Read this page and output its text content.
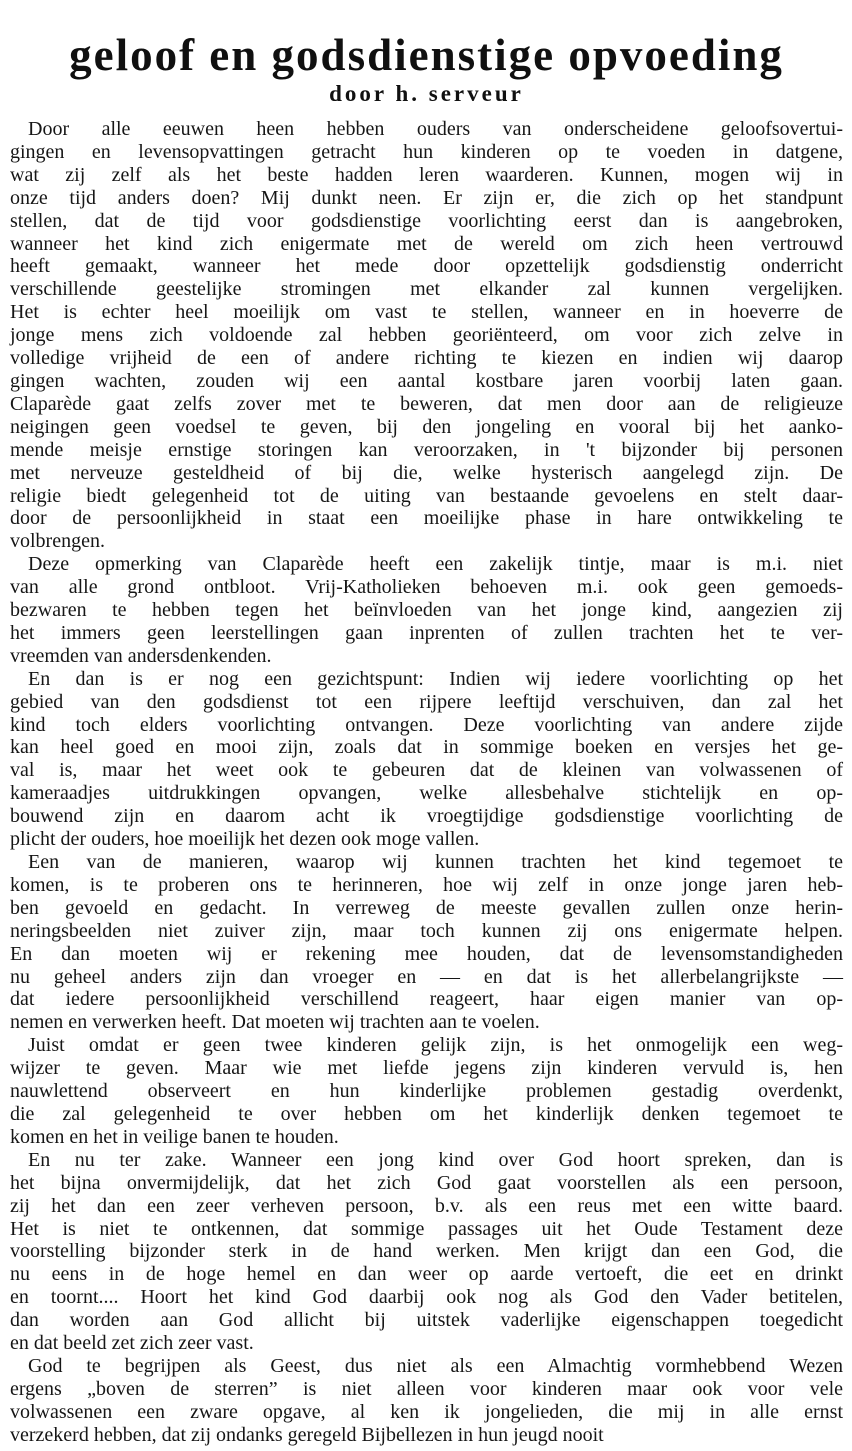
geloof en godsdienstige opvoeding
door h. serveur
Door alle eeuwen heen hebben ouders van onderscheidene geloofsovertui-
gingen en levensopvattingen getracht hun kinderen op te voeden in datgene,
wat zij zelf als het beste hadden leren waarderen. Kunnen, mogen wij in
onze tijd anders doen? Mij dunkt neen. Er zijn er, die zich op het standpunt
stellen, dat de tijd voor godsdienstige voorlichting eerst dan is aangebroken,
wanneer het kind zich enigermate met de wereld om zich heen vertrouwd
heeft gemaakt, wanneer het mede door opzettelijk godsdienstig onderricht
verschillende geestelijke stromingen met elkander zal kunnen vergelijken.
Het is echter heel moeilijk om vast te stellen, wanneer en in hoeverre de
jonge mens zich voldoende zal hebben georiënteerd, om voor zich zelve in
volledige vrijheid de een of andere richting te kiezen en indien wij daarop
gingen wachten, zouden wij een aantal kostbare jaren voorbij laten gaan.
Claparède gaat zelfs zover met te beweren, dat men door aan de religieuze
neigingen geen voedsel te geven, bij den jongeling en vooral bij het aanko-
mende meisje ernstige storingen kan veroorzaken, in 't bijzonder bij personen
met nerveuze gesteldheid of bij die, welke hysterisch aangelegd zijn. De
religie biedt gelegenheid tot de uiting van bestaande gevoelens en stelt daar-
door de persoonlijkheid in staat een moeilijke phase in hare ontwikkeling te
volbrengen.
Deze opmerking van Claparède heeft een zakelijk tintje, maar is m.i. niet
van alle grond ontbloot. Vrij-Katholieken behoeven m.i. ook geen gemoeds-
bezwaren te hebben tegen het beïnvloeden van het jonge kind, aangezien zij
het immers geen leerstellingen gaan inprenten of zullen trachten het te ver-
vreemden van andersdenkenden.
En dan is er nog een gezichtspunt: Indien wij iedere voorlichting op het
gebied van den godsdienst tot een rijpere leeftijd verschuiven, dan zal het
kind toch elders voorlichting ontvangen. Deze voorlichting van andere zijde
kan heel goed en mooi zijn, zoals dat in sommige boeken en versjes het ge-
val is, maar het weet ook te gebeuren dat de kleinen van volwassenen of
kameraadjes uitdrukkingen opvangen, welke allesbehalve stichtelijk en op-
bouwend zijn en daarom acht ik vroegtijdige godsdienstige voorlichting de
plicht der ouders, hoe moeilijk het dezen ook moge vallen.
Een van de manieren, waarop wij kunnen trachten het kind tegemoet te
komen, is te proberen ons te herinneren, hoe wij zelf in onze jonge jaren heb-
ben gevoeld en gedacht. In verreweg de meeste gevallen zullen onze herin-
neringsbeelden niet zuiver zijn, maar toch kunnen zij ons enigermate helpen.
En dan moeten wij er rekening mee houden, dat de levensomstandigheden
nu geheel anders zijn dan vroeger en — en dat is het allerbelangrijkste —
dat iedere persoonlijkheid verschillend reageert, haar eigen manier van op-
nemen en verwerken heeft. Dat moeten wij trachten aan te voelen.
Juist omdat er geen twee kinderen gelijk zijn, is het onmogelijk een weg-
wijzer te geven. Maar wie met liefde jegens zijn kinderen vervuld is, hen
nauwlettend observeert en hun kinderlijke problemen gestadig overdenkt,
die zal gelegenheid te over hebben om het kinderlijk denken tegemoet te
komen en het in veilige banen te houden.
En nu ter zake. Wanneer een jong kind over God hoort spreken, dan is
het bijna onvermijdelijk, dat het zich God gaat voorstellen als een persoon,
zij het dan een zeer verheven persoon, b.v. als een reus met een witte baard.
Het is niet te ontkennen, dat sommige passages uit het Oude Testament deze
voorstelling bijzonder sterk in de hand werken. Men krijgt dan een God, die
nu eens in de hoge hemel en dan weer op aarde vertoeft, die eet en drinkt
en toornt.... Hoort het kind God daarbij ook nog als God den Vader betitelen,
dan worden aan God allicht bij uitstek vaderlijke eigenschappen toegedicht
en dat beeld zet zich zeer vast.
God te begrijpen als Geest, dus niet als een Almachtig vormhebbend Wezen
ergens „boven de sterren” is niet alleen voor kinderen maar ook voor vele
volwassenen een zware opgave, al ken ik jongelieden, die mij in alle ernst
verzekerd hebben, dat zij ondanks geregeld Bijbellezen in hun jeugd nooit
